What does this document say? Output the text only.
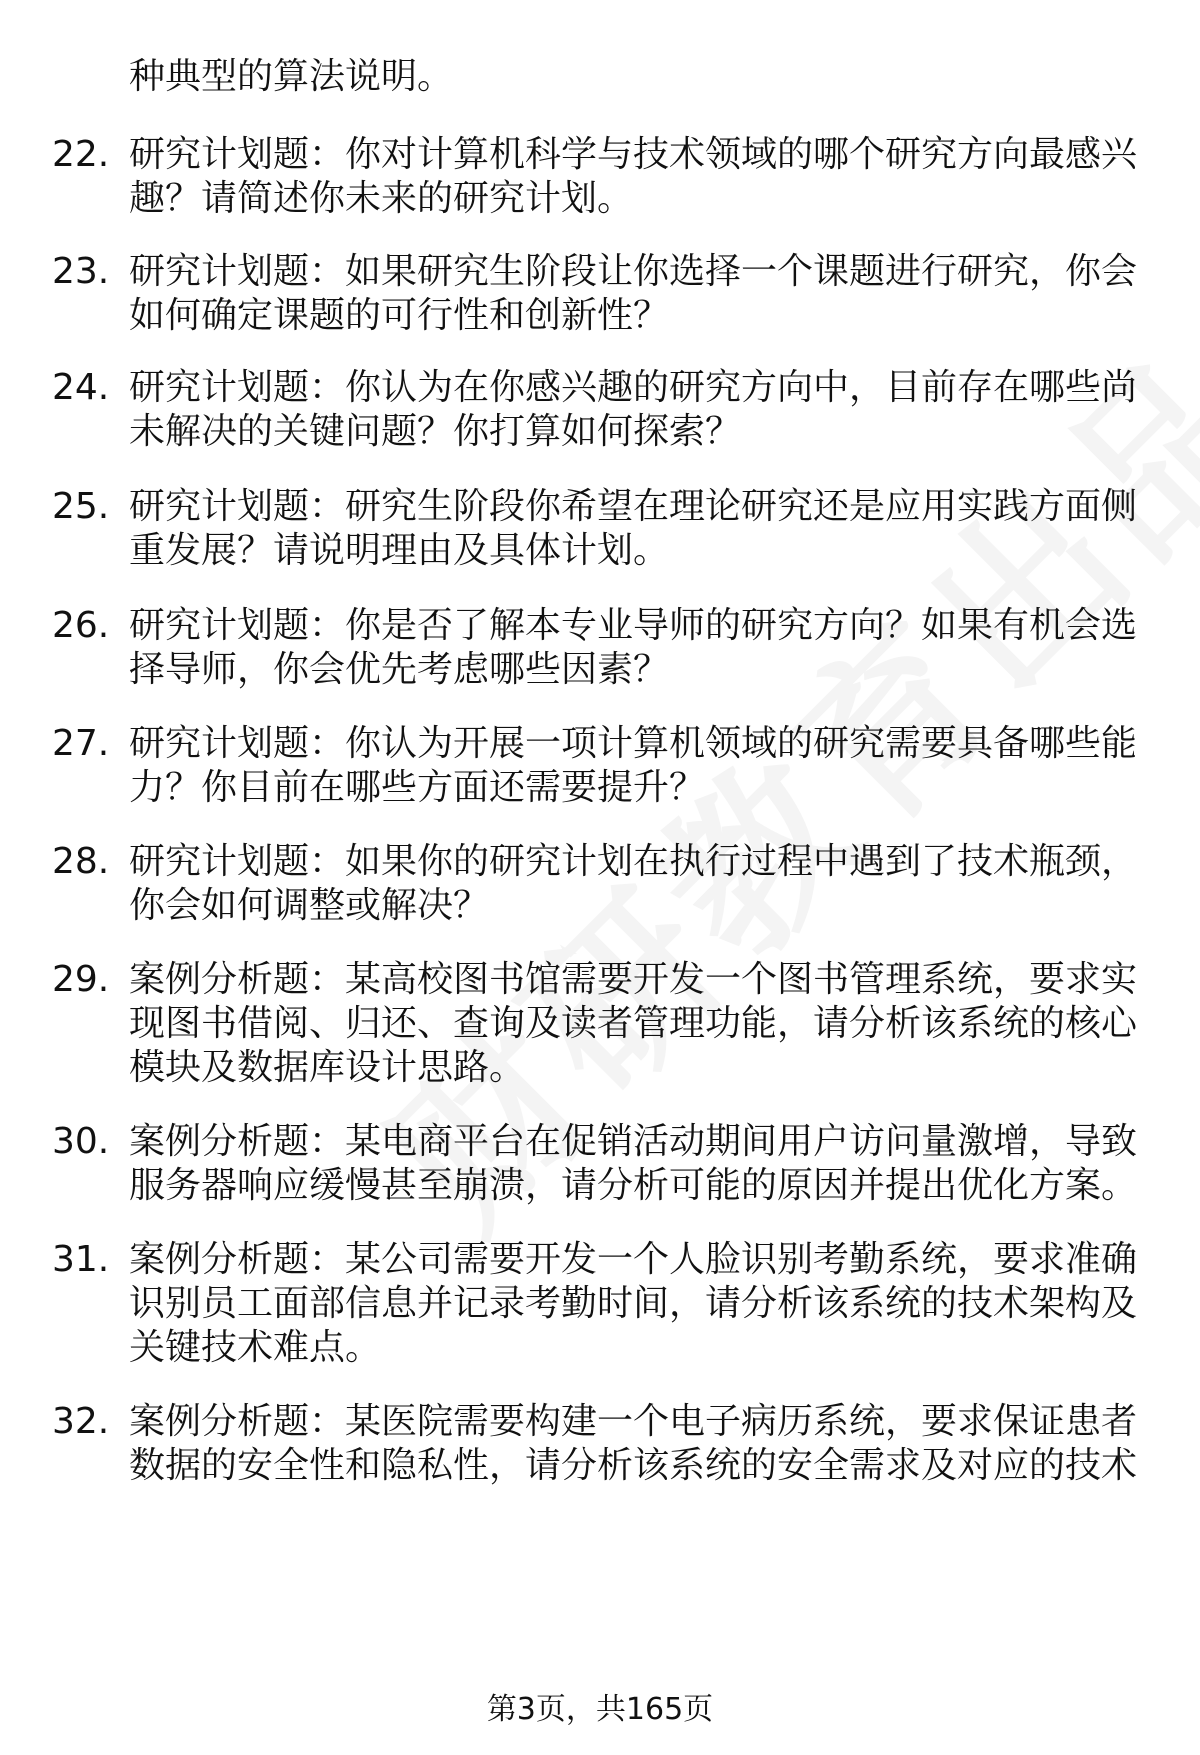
种典型的算法说明。
22. 研究计划题：你对计算机科学与技术领域的哪个研究方向最感兴
趣？请简述你未来的研究计划。
23. 研究计划题：如果研究生阶段让你选择一个课题进行研究，你会
如何确定课题的可行性和创新性？
24. 研究计划题：你认为在你感兴趣的研究方向中，目前存在哪些尚
未解决的关键问题？你打算如何探索？
25. 研究计划题：研究生阶段你希望在理论研究还是应用实践方面侧
重发展？请说明理由及具体计划。
26. 研究计划题：你是否了解本专业导师的研究方向？如果有机会选
择导师，你会优先考虑哪些因素？
27. 研究计划题：你认为开展一项计算机领域的研究需要具备哪些能
力？你目前在哪些方面还需要提升？
28. 研究计划题：如果你的研究计划在执行过程中遇到了技术瓶颈，
你会如何调整或解决？
29. 案例分析题：某高校图书馆需要开发一个图书管理系统，要求实
现图书借阅、归还、查询及读者管理功能，请分析该系统的核心
模块及数据库设计思路。
30. 案例分析题：某电商平台在促销活动期间用户访问量激增，导致
服务器响应缓慢甚至崩溃，请分析可能的原因并提出优化方案。
31. 案例分析题：某公司需要开发一个人脸识别考勤系统，要求准确
识别员工面部信息并记录考勤时间，请分析该系统的技术架构及
关键技术难点。
32. 案例分析题：某医院需要构建一个电子病历系统，要求保证患者
数据的安全性和隐私性，请分析该系统的安全需求及对应的技术
第3页，共165页
